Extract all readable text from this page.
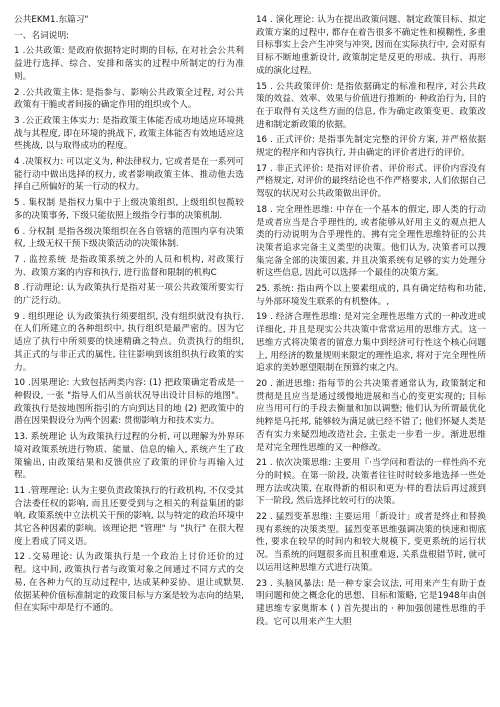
公共EKM1.东篇习"

一、名词说明:

1 .公共政策: 是政府依据特定时期的目标, 在对社会公共利益进行选择、综合、安排和落实的过程中所制定的行为准则。

2 .公共政策主体: 是指参与、影响公共政策全过程, 对公共政策有干脆或者间接的确定作用的组织或个人。

3 .公正政策主体实力: 是指政策主体能否成功地适应环境挑战与其程度, 即在环境的挑战下, 政策主体能否有效地适应这些挑战, 以与取得成功的程度。

4 .决策权力: 可以定义为, 种法律权力, 它或者是在一系列可能行动中做出选择的权力, 或者影响政策主体、推动他去选择自己所偏好的某一行动的权力。

5 . 集权制 是指权力集中于上级决策组织, 上级组织包揽较多的决策事务, 下级只能依照上级指令行事的决策机制.

6 . 分权制 是指各级决策组织在各自管辖的范围内享有决策权, 上级无权干预下级决策活动的决策体制.

7 . 监控系统 是指政策系统之外的人员和机构, 对政策行为、政策方案的内容和执行, 进行监督和限制的机构C

8 .行动理论: 认为政策执行是指对某一项公共政策所要实行的广泛行动。

9 . 组织理论 认为政策执行须要组织, 没有组织就没有执行. 在人们所建立的各种组织中, 执行组织是最严密的。因为它适应了执行中所须要的快速精确之特点。负责执行的组织, 其正式的与非正式的属性, 往往影响到该组织执行政策的实力。

10 .因果理论: 大致包括两类内容: (1) 把政策确定看成是一种假设, 一张 "指导人们从当前状况导出设计目标的地图"。政策执行是按地图所指引的方向到达目的地 (2) 把政策中的潜在因果假设分为两个因素: 贯彻影响力和技术实力。

13. 系统理论 认为政策执行过程的分析, 可以理解为外界环境对政策系统进行物质、能量、信息的输入, 系统产生了政策输出, 由政策结果和反馈供应了政策的评价与再输入过程。

11 .管理理论: 认为主要负责政策执行的行政机构, 不仅受其合法委任权的影响, 而且还要受到与之相关的利益集团的影响, 政策系统中立法机关干预的影响, 以与特定的政治环境中其它各种因素的影响。该理论把 "管理" 与 "执行" 在很大程度上看成了同义语。

12 .交易理论: 认为政策执行是一个政治上讨价还价的过程。这中间, 政策执行者与政策对象之间通过不同方式的交易, 在各种力气的互动过程中, 达成某种妥协、退让或默契. 依据某种价值标准制定的政策目标与方案是较为志向的结果, 但在实际中却是行不通的。

14 . 演化理论: 认为在提出政策问题、制定政策目标、拟定政策方案的过程中, 都存在着告很多不确定性和模糊性, 多重目标事实上会产生冲突与冲突, 因而在实际执行中, 会对原有目标不断地重新设计, 政策制定是反更的形成、执行、再形成的演化过程。

15 . 公共政策评价: 是指依据确定的标准和程序, 对公共政策的效益、效率、效果与价值进行推断的· 种政治行为, 目的在于取得有关这些方面的信息, 作为确定政策变更、政策改进和制定新政策的依据。

16 . 正式评价: 是指事先制定完整的评价方案, 并严格依据规定的程序和内容执行, 并由确定的评价者进行的评价。

17 . 非正式评价: 是指对评价者、评价形式、评价内容没有严格规定, 对评价的最终结论也不作严格要求, 人们依据自己驾驭的状况对公共政策做出评价。

18 . 完全理性思维: 中存在一个基本的假定, 即人类的行动是或者应当是合乎理性的, 或者能够从好用主义的观点把人类的行动说明为合乎理性的。拂有完全理性思维特征的公共决策者追求完备主义类型的决策。他们认为, 决策者可以搜集完备全部的决策因素, 并且决策系统有足够的实力处理分析这些信息, 因此可以选择一个最佳的决策方案。

25. 系统: 指由两个以上要素组成的, 具有确定结构和功能, 与外部环境发生联系的有机整体。,

19 . 经济合理性思维: 是对完全理性思维方式的一种改进或详细化, 并且是现实公共决策中常常运用的思维方式。这一思维方式将决策者的留意力集中到经济可行性这个核心问题上, 用经济的数量规则来限定的理性追求, 将对于完全理性所追求的美妙愿望限制在预算约束之内。

20 . 渐进思维: 指每节的公共决策者通常认为, 政策制定和贯彻是且应当是通过缓慢地进展和当心的变更实现的; 目标应当用可行的手段去衡量和加以调整; 他们认为所谓最优化纯粹是乌托邦, 能够较为满足就已经不错了; 他们怀疑人类是否有实力来疑烈地改造社会, 主张走一步看一步。渐进思维是对完全理性思维的又一种修改。

21 . 依次决策思维: 主要用『·当学问和看法的一样性尚不充分的时候。在第一阶段, 决策者往往时时较多地选择一些处理方法或决策, 在取得新的相识和更为·样的看法后再过渡到下一阶段, 然后选择比较可行的决策。

22 . 猛烈变革思维: 主要运用「新设计」或者是终止和替换现有系统的决策类型。猛烈变革思维强调决策的快速和彻底性, 要求在较早的时间内和较大规模下, 变更系统的运行状况。当系统的问题很多而且积重难返, 关系盘根错节时, 就可以运用这种思维方式进行决策。

23 . 头脑风暴法: 是一种专家会议法, 可用来产生有助于查明问题和使之概念化的思想、目标和策略, 它是1948年由创建思维专家奥斯本 ( ) 首先提出的 · 种加强创建性思维的手段。它可以用来产生大胆
